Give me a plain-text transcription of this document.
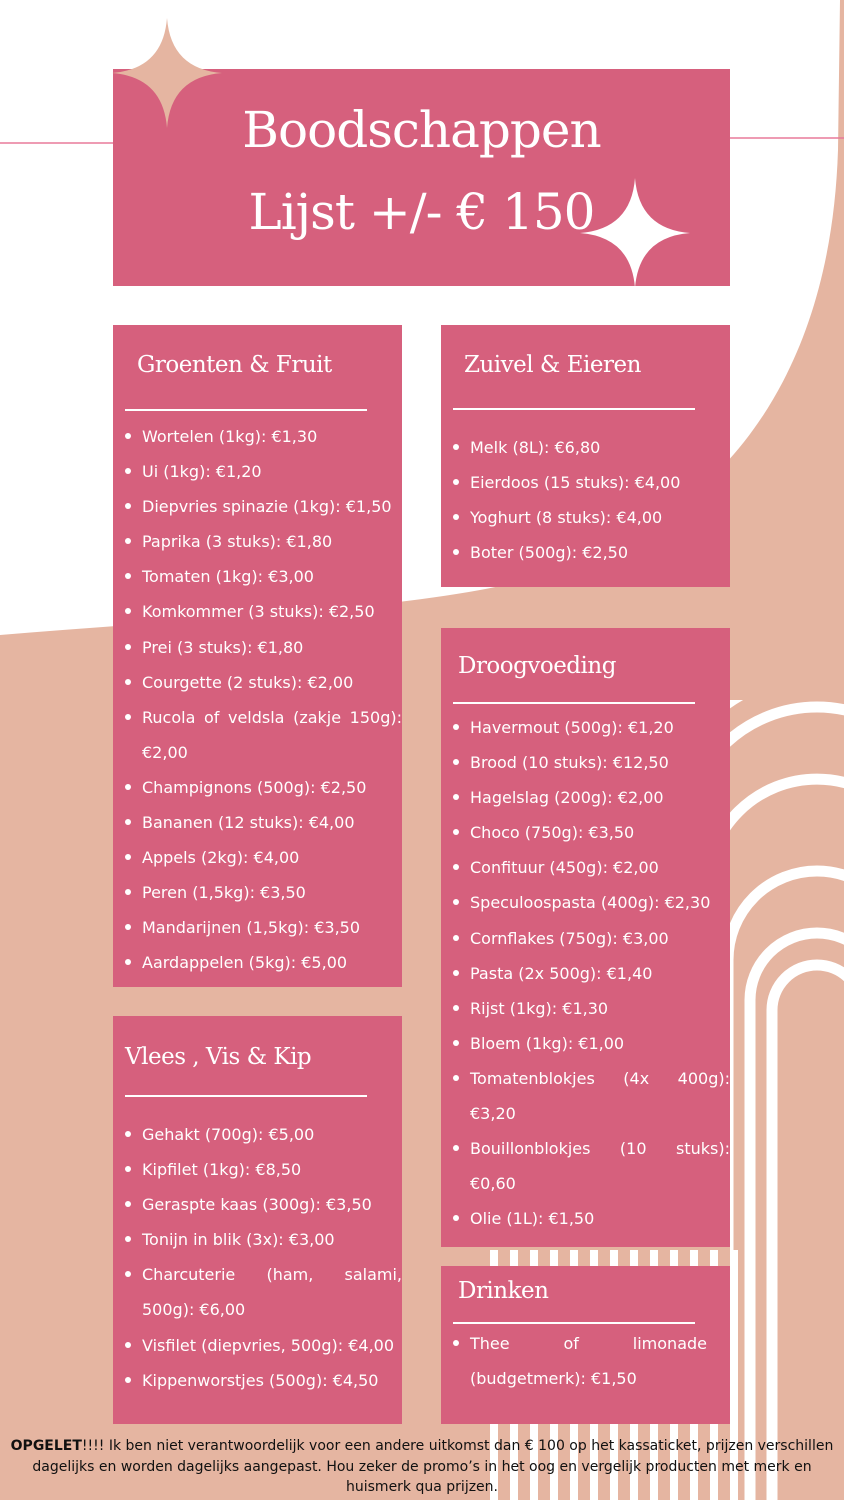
Boodschappen
Lijst +/- € 150
Groenten & Fruit
Wortelen (1kg): €1,30
Ui (1kg): €1,20
Diepvries spinazie (1kg): €1,50
Paprika (3 stuks): €1,80
Tomaten (1kg): €3,00
Komkommer (3 stuks): €2,50
Prei (3 stuks): €1,80
Courgette (2 stuks): €2,00
Rucola of veldsla (zakje 150g): €2,00
Champignons (500g): €2,50
Bananen (12 stuks): €4,00
Appels (2kg): €4,00
Peren (1,5kg): €3,50
Mandarijnen (1,5kg): €3,50
Aardappelen (5kg): €5,00
Zuivel & Eieren
Melk (8L): €6,80
Eierdoos (15 stuks): €4,00
Yoghurt (8 stuks): €4,00
Boter (500g): €2,50
Droogvoeding
Havermout (500g): €1,20
Brood (10 stuks): €12,50
Hagelslag (200g): €2,00
Choco (750g): €3,50
Confituur (450g): €2,00
Speculoospasta (400g): €2,30
Cornflakes (750g): €3,00
Pasta (2x 500g): €1,40
Rijst (1kg): €1,30
Bloem (1kg): €1,00
Tomatenblokjes (4x 400g): €3,20
Bouillonblokjes (10 stuks): €0,60
Olie (1L): €1,50
Vlees , Vis & Kip
Gehakt (700g): €5,00
Kipfilet (1kg): €8,50
Geraspte kaas (300g): €3,50
Tonijn in blik (3x): €3,00
Charcuterie (ham, salami, 500g): €6,00
Visfilet (diepvries, 500g): €4,00
Kippenworstjes (500g): €4,50
Drinken
Thee of limonade (budgetmerk): €1,50
OPGELET!!!! Ik ben niet verantwoordelijk voor een andere uitkomst dan € 100 op het kassaticket, prijzen verschillen dagelijks en worden dagelijks aangepast. Hou zeker de promo’s in het oog en vergelijk producten met merk en huismerk qua prijzen.
